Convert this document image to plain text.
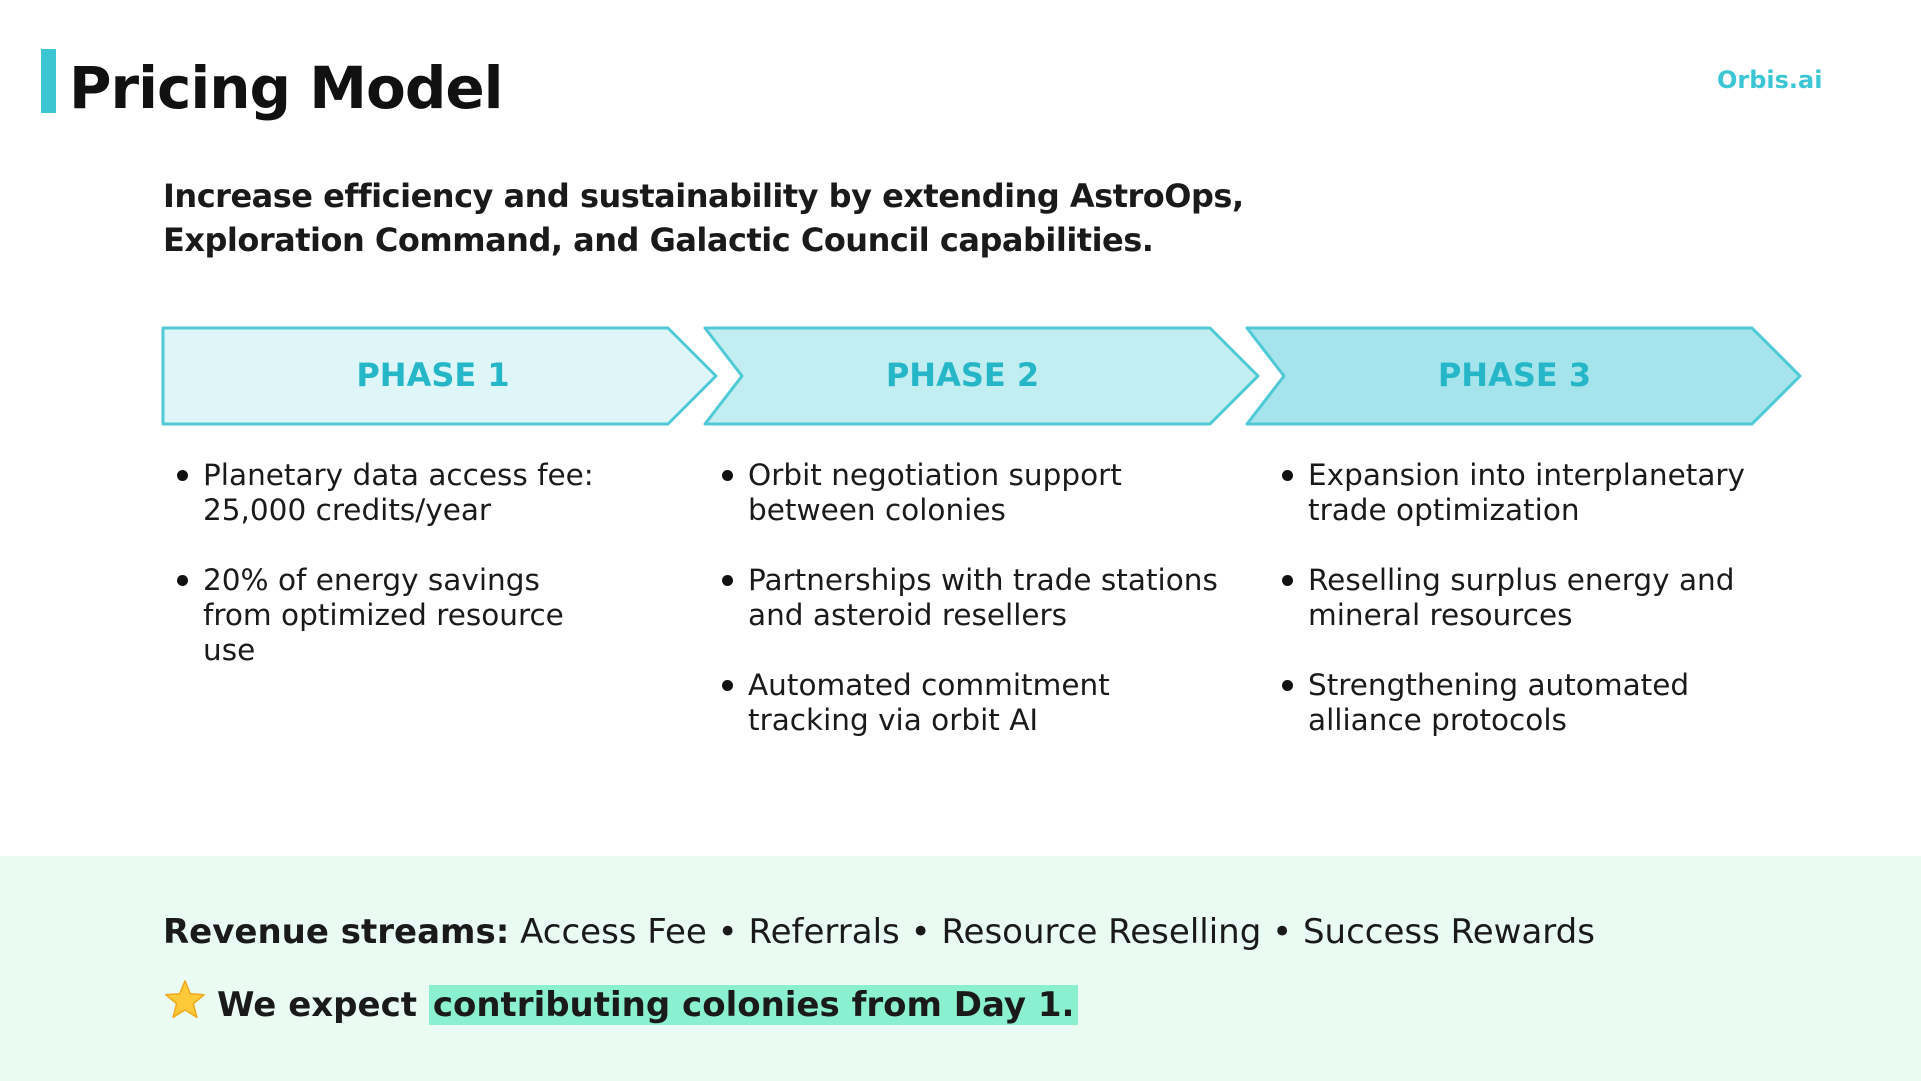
Pricing Model	Orbis.ai

Increase efficiency and sustainability by extending AstroOps, Exploration Command, and Galactic Council capabilities.

PHASE 1	PHASE 2	PHASE 3
Planetary data access fee: 25,000 credits/year
20% of energy savings from optimized resource use
Orbit negotiation support between colonies
Partnerships with trade stations and asteroid resellers
Automated commitment tracking via orbit AI
Expansion into interplanetary trade optimization
Reselling surplus energy and mineral resources
Strengthening automated alliance protocols
Revenue streams: Access Fee • Referrals • Resource Reselling • Success Rewards
We expect contributing colonies from Day 1.
